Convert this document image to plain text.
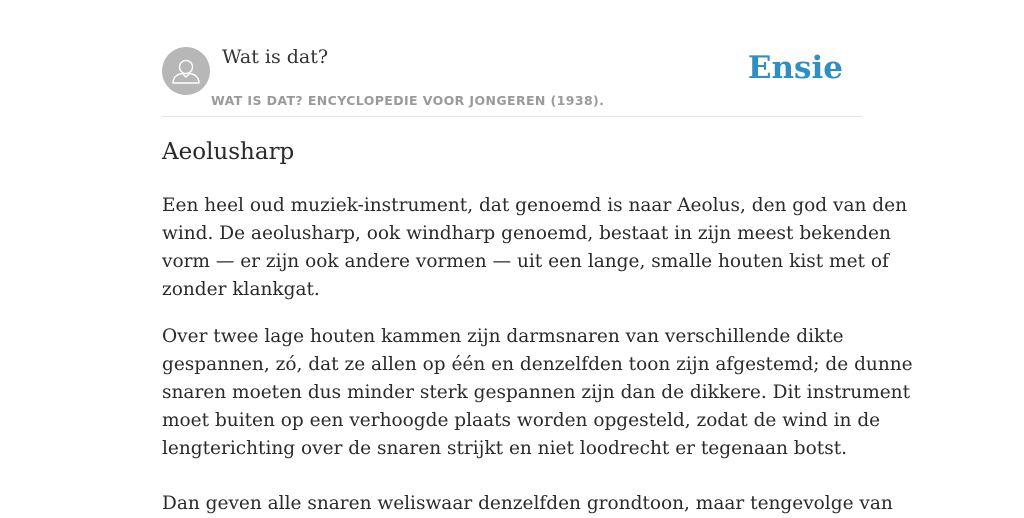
Wat is dat?
WAT IS DAT? ENCYCLOPEDIE VOOR JONGEREN (1938).
Ensie
Aeolusharp

Een heel oud muziek-instrument, dat genoemd is naar Aeolus, den god van den
wind. De aeolusharp, ook windharp genoemd, bestaat in zijn meest bekenden
vorm — er zijn ook andere vormen — uit een lange, smalle houten kist met of
zonder klankgat.

Over twee lage houten kammen zijn darmsnaren van verschillende dikte
gespannen, zó, dat ze allen op één en denzelfden toon zijn afgestemd; de dunne
snaren moeten dus minder sterk gespannen zijn dan de dikkere. Dit instrument
moet buiten op een verhoogde plaats worden opgesteld, zodat de wind in de
lengterichting over de snaren strijkt en niet loodrecht er tegenaan botst.

Dan geven alle snaren weliswaar denzelfden grondtoon, maar tengevolge van
